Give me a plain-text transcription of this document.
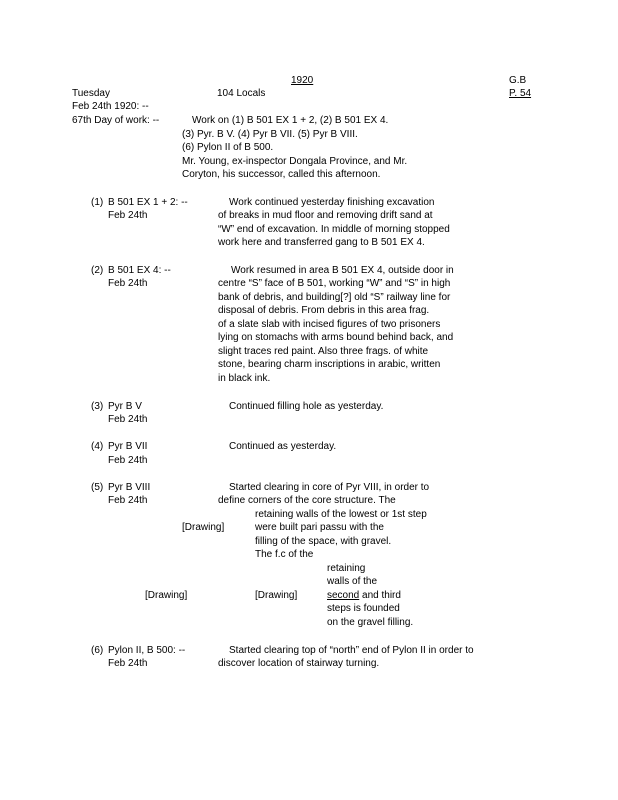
1920	G.B
P. 54
Tuesday	104 Locals
Feb 24th 1920: --
67th Day of work: --	Work on (1) B 501 EX 1 + 2, (2) B 501 EX 4.
(3) Pyr. B V. (4) Pyr B VII. (5) Pyr B VIII.
(6) Pylon II of B 500.
Mr. Young, ex-inspector Dongala Province, and Mr.
Coryton, his successor, called this afternoon.
(1) B 501 EX 1 + 2: --
Feb 24th
Work continued yesterday finishing excavation
of breaks in mud floor and removing drift sand at
“W” end of excavation. In middle of morning stopped
work here and transferred gang to B 501 EX 4.
(2) B 501 EX 4: --
Feb 24th
Work resumed in area B 501 EX 4, outside door in
centre “S” face of B 501, working “W” and “S” in high
bank of debris, and building[?] old “S” railway line for
disposal of debris. From debris in this area frag.
of a slate slab with incised figures of two prisoners
lying on stomachs with arms bound behind back, and
slight traces red paint. Also three frags. of white
stone, bearing charm inscriptions in arabic, written
in black ink.
(3) Pyr B V
Feb 24th
Continued filling hole as yesterday.
(4) Pyr B VII
Feb 24th
Continued as yesterday.
(5) Pyr B VIII
Feb 24th
Started clearing in core of Pyr VIII, in order to
define corners of the core structure. The
retaining walls of the lowest or 1st step
[Drawing]	were built pari passu with the
filling of the space, with gravel.
The f.c of the
retaining
walls of the
[Drawing]	[Drawing]	second and third
steps is founded
on the gravel filling.
(6) Pylon II, B 500: --
Feb 24th
Started clearing top of “north” end of Pylon II in order to
discover location of stairway turning.
